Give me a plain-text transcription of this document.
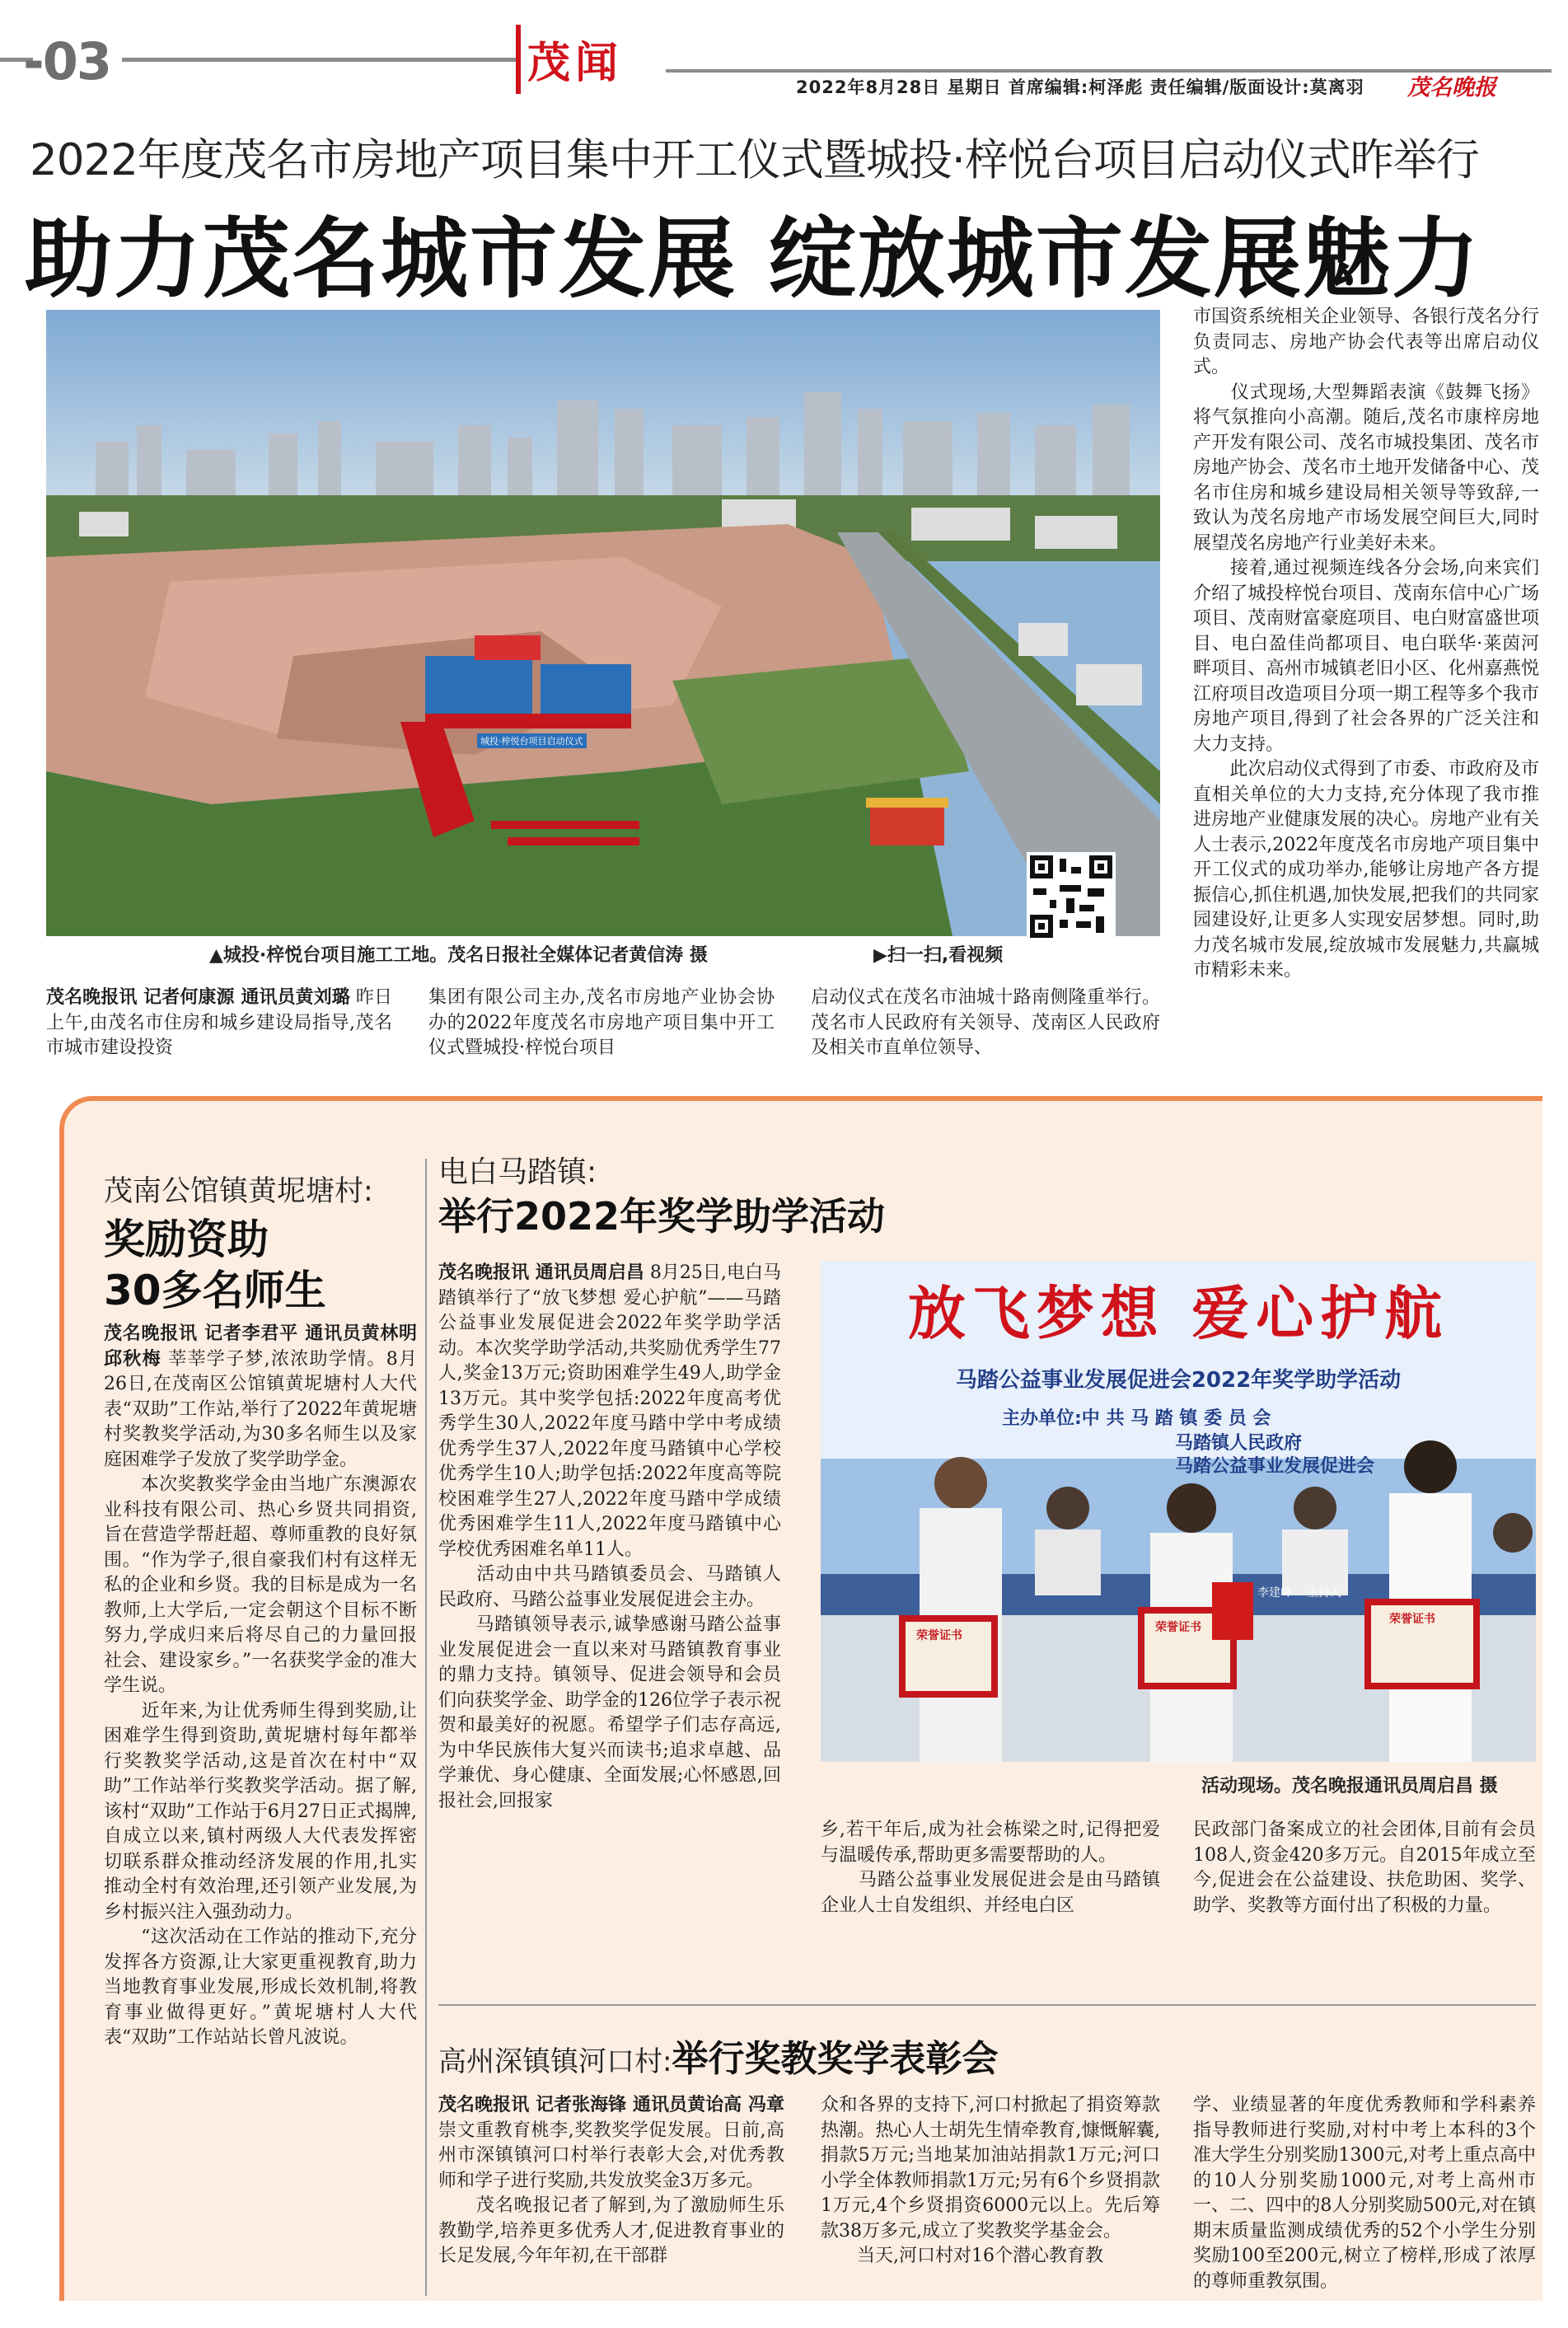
-03	茂闻	2022年8月28日 星期日 首席编辑:柯泽彪 责任编辑/版面设计:莫离羽 茂名晚报
2022年度茂名市房地产项目集中开工仪式暨城投·梓悦台项目启动仪式昨举行
助力茂名城市发展 绽放城市发展魅力
城投·梓悦台项目启动仪式
▲城投·梓悦台项目施工工地。茂名日报社全媒体记者黄信涛 摄	▶扫一扫,看视频
茂名晚报讯 记者何康源 通讯员黄刘璐 昨日上午,由茂名市住房和城乡建设局指导,茂名市城市建设投资
集团有限公司主办,茂名市房地产业协会协办的2022年度茂名市房地产项目集中开工仪式暨城投·梓悦台项目
启动仪式在茂名市油城十路南侧隆重举行。茂名市人民政府有关领导、茂南区人民政府及相关市直单位领导、
市国资系统相关企业领导、各银行茂名分行负责同志、房地产协会代表等出席启动仪式。
　　仪式现场,大型舞蹈表演《鼓舞飞扬》将气氛推向小高潮。随后,茂名市康梓房地产开发有限公司、茂名市城投集团、茂名市房地产协会、茂名市土地开发储备中心、茂名市住房和城乡建设局相关领导等致辞,一致认为茂名房地产市场发展空间巨大,同时展望茂名房地产行业美好未来。
　　接着,通过视频连线各分会场,向来宾们介绍了城投梓悦台项目、茂南东信中心广场项目、茂南财富豪庭项目、电白财富盛世项目、电白盈佳尚都项目、电白联华·莱茵河畔项目、高州市城镇老旧小区、化州嘉燕悦江府项目改造项目分项一期工程等多个我市房地产项目,得到了社会各界的广泛关注和大力支持。
　　此次启动仪式得到了市委、市政府及市直相关单位的大力支持,充分体现了我市推进房地产业健康发展的决心。房地产业有关人士表示,2022年度茂名市房地产项目集中开工仪式的成功举办,能够让房地产各方提振信心,抓住机遇,加快发展,把我们的共同家园建设好,让更多人实现安居梦想。同时,助力茂名城市发展,绽放城市发展魅力,共赢城市精彩未来。
茂南公馆镇黄坭塘村:
奖励资助
30多名师生
茂名晚报讯 记者李君平 通讯员黄林明 邱秋梅 莘莘学子梦,浓浓助学情。8月26日,在茂南区公馆镇黄坭塘村人大代表“双助”工作站,举行了2022年黄坭塘村奖教奖学活动,为30多名师生以及家庭困难学子发放了奖学助学金。
　　本次奖教奖学金由当地广东澳源农业科技有限公司、热心乡贤共同捐资,旨在营造学帮赶超、尊师重教的良好氛围。“作为学子,很自豪我们村有这样无私的企业和乡贤。我的目标是成为一名教师,上大学后,一定会朝这个目标不断努力,学成归来后将尽自己的力量回报社会、建设家乡。”一名获奖学金的准大学生说。
　　近年来,为让优秀师生得到奖励,让困难学生得到资助,黄坭塘村每年都举行奖教奖学活动,这是首次在村中“双助”工作站举行奖教奖学活动。据了解,该村“双助”工作站于6月27日正式揭牌,自成立以来,镇村两级人大代表发挥密切联系群众推动经济发展的作用,扎实推动全村有效治理,还引领产业发展,为乡村振兴注入强劲动力。
　　“这次活动在工作站的推动下,充分发挥各方资源,让大家更重视教育,助力当地教育事业发展,形成长效机制,将教育事业做得更好。”黄坭塘村人大代表“双助”工作站站长曾凡波说。
电白马踏镇:
举行2022年奖学助学活动
茂名晚报讯 通讯员周启昌 8月25日,电白马踏镇举行了“放飞梦想 爱心护航”——马踏公益事业发展促进会2022年奖学助学活动。本次奖学助学活动,共奖励优秀学生77人,奖金13万元;资助困难学生49人,助学金13万元。其中奖学包括:2022年度高考优秀学生30人,2022年度马踏中学中考成绩优秀学生37人,2022年度马踏镇中心学校优秀学生10人;助学包括:2022年度高等院校困难学生27人,2022年度马踏中学成绩优秀困难学生11人,2022年度马踏镇中心学校优秀困难名单11人。
　　活动由中共马踏镇委员会、马踏镇人民政府、马踏公益事业发展促进会主办。
　　马踏镇领导表示,诚挚感谢马踏公益事业发展促进会一直以来对马踏镇教育事业的鼎力支持。镇领导、促进会领导和会员们向获奖学金、助学金的126位学子表示祝贺和最美好的祝愿。希望学子们志存高远,为中华民族伟大复兴而读书;追求卓越、品学兼优、身心健康、全面发展;心怀感恩,回报社会,回报家
放飞梦想 爱心护航
马踏公益事业发展促进会2022年奖学助学活动
主办单位:中 共 马 踏 镇 委 员 会
马踏镇人民政府
马踏公益事业发展促进会
荣誉证书
荣誉证书
荣誉证书
主持人
李建峰
活动现场。茂名晚报通讯员周启昌 摄
乡,若干年后,成为社会栋梁之时,记得把爱与温暖传承,帮助更多需要帮助的人。
　　马踏公益事业发展促进会是由马踏镇企业人士自发组织、并经电白区
民政部门备案成立的社会团体,目前有会员108人,资金420多万元。自2015年成立至今,促进会在公益建设、扶危助困、奖学、助学、奖教等方面付出了积极的力量。
高州深镇镇河口村:举行奖教奖学表彰会
茂名晚报讯 记者张海锋 通讯员黄诒高 冯章 崇文重教育桃李,奖教奖学促发展。日前,高州市深镇镇河口村举行表彰大会,对优秀教师和学子进行奖励,共发放奖金3万多元。
　　茂名晚报记者了解到,为了激励师生乐教勤学,培养更多优秀人才,促进教育事业的长足发展,今年年初,在干部群
众和各界的支持下,河口村掀起了捐资筹款热潮。热心人士胡先生情牵教育,慷慨解囊,捐款5万元;当地某加油站捐款1万元;河口小学全体教师捐款1万元;另有6个乡贤捐款1万元,4个乡贤捐资6000元以上。先后筹款38万多元,成立了奖教奖学基金会。
　　当天,河口村对16个潜心教育教
学、业绩显著的年度优秀教师和学科素养指导教师进行奖励,对村中考上本科的3个准大学生分别奖励1300元,对考上重点高中的10人分别奖励1000元,对考上高州市一、二、四中的8人分别奖励500元,对在镇期末质量监测成绩优秀的52个小学生分别奖励100至200元,树立了榜样,形成了浓厚的尊师重教氛围。
